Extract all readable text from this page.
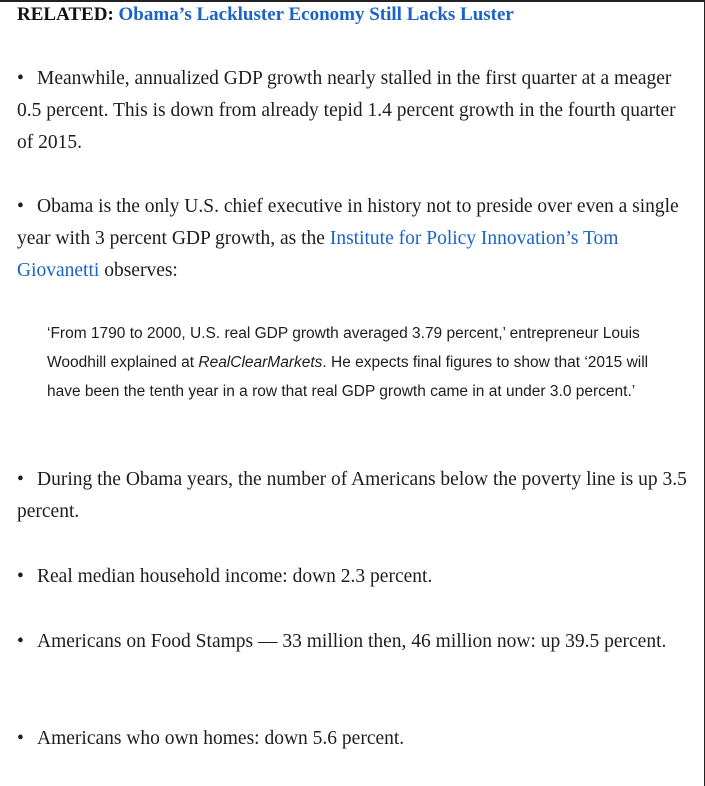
RELATED: Obama’s Lackluster Economy Still Lacks Luster
• Meanwhile, annualized GDP growth nearly stalled in the first quarter at a meager 0.5 percent. This is down from already tepid 1.4 percent growth in the fourth quarter of 2015.
• Obama is the only U.S. chief executive in history not to preside over even a single year with 3 percent GDP growth, as the Institute for Policy Innovation’s Tom Giovanetti observes:
‘From 1790 to 2000, U.S. real GDP growth averaged 3.79 percent,’ entrepreneur Louis Woodhill explained at RealClearMarkets. He expects final figures to show that ‘2015 will have been the tenth year in a row that real GDP growth came in at under 3.0 percent.’
• During the Obama years, the number of Americans below the poverty line is up 3.5 percent.
• Real median household income: down 2.3 percent.
• Americans on Food Stamps — 33 million then, 46 million now: up 39.5 percent.
• Americans who own homes: down 5.6 percent.
